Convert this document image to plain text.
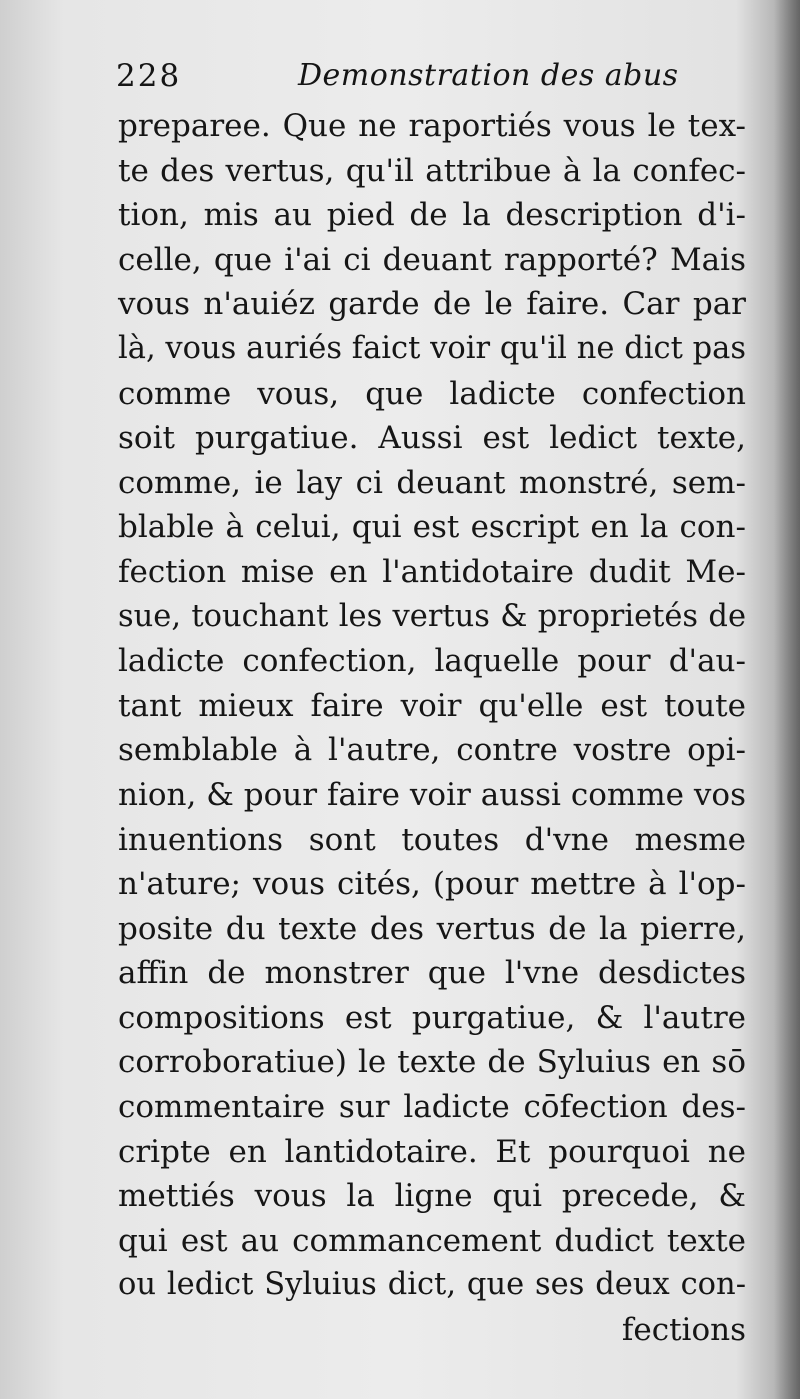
228	Demonstration des abus
preparee. Que ne raportiés vous le tex-
te des vertus, qu'il attribue à la confec-
tion, mis au pied de la description d'i-
celle, que i'ai ci deuant rapporté? Mais
vous n'auiéz garde de le faire. Car par
là, vous auriés faict voir qu'il ne dict pas
comme vous, que ladicte confection
soit purgatiue. Aussi est ledict texte,
comme, ie lay ci deuant monstré, sem-
blable à celui, qui est escript en la con-
fection mise en l'antidotaire dudit Me-
sue, touchant les vertus & proprietés de
ladicte confection, laquelle pour d'au-
tant mieux faire voir qu'elle est toute
semblable à l'autre, contre vostre opi-
nion, & pour faire voir aussi comme vos
inuentions sont toutes d'vne mesme
n'ature; vous cités, (pour mettre à l'op-
posite du texte des vertus de la pierre,
affin de monstrer que l'vne desdictes
compositions est purgatiue, & l'autre
corroboratiue) le texte de Syluius en sō
commentaire sur ladicte cōfection des-
cripte en lantidotaire. Et pourquoi ne
mettiés vous la ligne qui precede, &
qui est au commancement dudict texte
ou ledict Syluius dict, que ses deux con-
fections
